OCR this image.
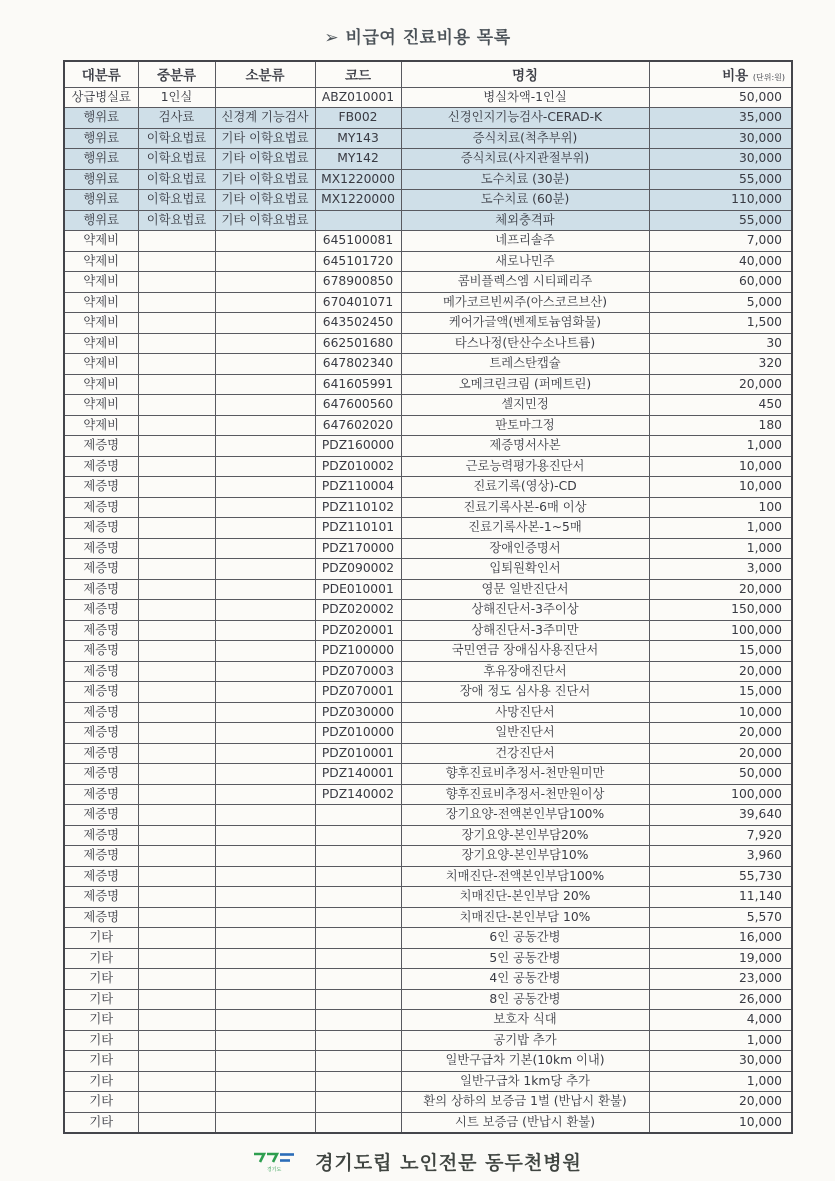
➢ 비급여 진료비용 목록
대분류	중분류	소분류	코드	명칭	비용 (단위:원)
상급병실료	1인실		ABZ010001	병실차액-1인실	50,000
행위료	검사료	신경계 기능검사	FB002	신경인지기능검사-CERAD-K	35,000
행위료	이학요법료	기타 이학요법료	MY143	증식치료(척추부위)	30,000
행위료	이학요법료	기타 이학요법료	MY142	증식치료(사지관절부위)	30,000
행위료	이학요법료	기타 이학요법료	MX1220000	도수치료 (30분)	55,000
행위료	이학요법료	기타 이학요법료	MX1220000	도수치료 (60분)	110,000
행위료	이학요법료	기타 이학요법료		체외충격파	55,000
약제비			645100081	네프리솔주	7,000
약제비			645101720	새로나민주	40,000
약제비			678900850	콤비플렉스엠 시티페리주	60,000
약제비			670401071	메가코르빈씨주(아스코르브산)	5,000
약제비			643502450	케어가글액(벤제토늄염화물)	1,500
약제비			662501680	타스나정(탄산수소나트륨)	30
약제비			647802340	트레스탄캡슐	320
약제비			641605991	오메크린크림 (퍼메트린)	20,000
약제비			647600560	셀지민정	450
약제비			647602020	판토마그정	180
제증명			PDZ160000	제증명서사본	1,000
제증명			PDZ010002	근로능력평가용진단서	10,000
제증명			PDZ110004	진료기록(영상)-CD	10,000
제증명			PDZ110102	진료기록사본-6매 이상	100
제증명			PDZ110101	진료기록사본-1~5매	1,000
제증명			PDZ170000	장애인증명서	1,000
제증명			PDZ090002	입퇴원확인서	3,000
제증명			PDE010001	영문 일반진단서	20,000
제증명			PDZ020002	상해진단서-3주이상	150,000
제증명			PDZ020001	상해진단서-3주미만	100,000
제증명			PDZ100000	국민연금 장애심사용진단서	15,000
제증명			PDZ070003	후유장애진단서	20,000
제증명			PDZ070001	장애 정도 심사용 진단서	15,000
제증명			PDZ030000	사망진단서	10,000
제증명			PDZ010000	일반진단서	20,000
제증명			PDZ010001	건강진단서	20,000
제증명			PDZ140001	향후진료비추정서-천만원미만	50,000
제증명			PDZ140002	향후진료비추정서-천만원이상	100,000
제증명				장기요양-전액본인부담100%	39,640
제증명				장기요양-본인부담20%	7,920
제증명				장기요양-본인부담10%	3,960
제증명				치매진단-전액본인부담100%	55,730
제증명				치매진단-본인부담 20%	11,140
제증명				치매진단-본인부담 10%	5,570
기타				6인 공동간병	16,000
기타				5인 공동간병	19,000
기타				4인 공동간병	23,000
기타				8인 공동간병	26,000
기타				보호자 식대	4,000
기타				공기밥 추가	1,000
기타				일반구급차 기본(10km 이내)	30,000
기타				일반구급차 1km당 추가	1,000
기타				환의 상하의 보증금 1벌 (반납시 환불)	20,000
기타				시트 보증금 (반납시 환불)	10,000
경기도 경기도립 노인전문 동두천병원
